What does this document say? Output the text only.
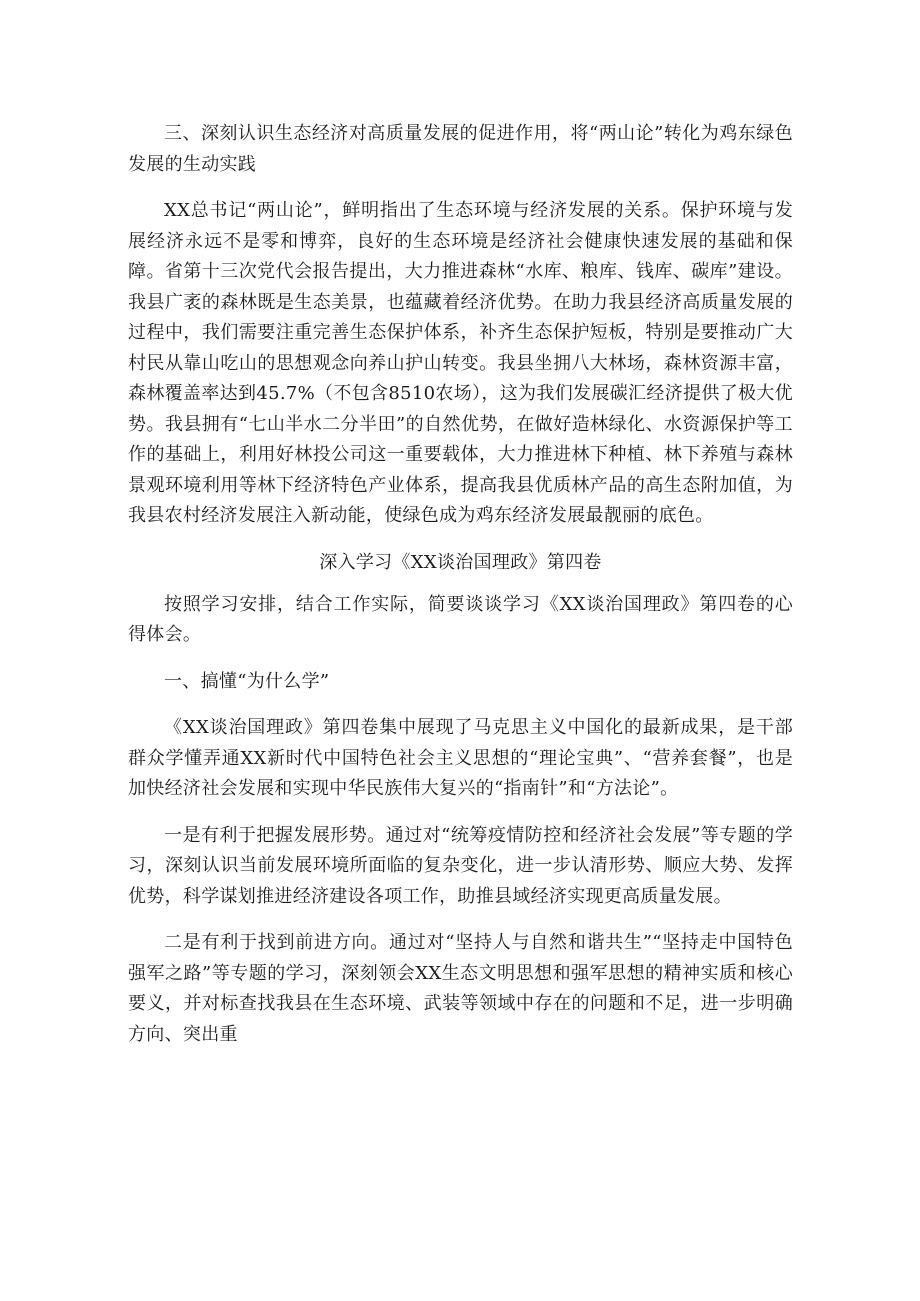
三、深刻认识生态经济对高质量发展的促进作用，将“两山论”转化为鸡东绿色发展的生动实践

XX总书记“两山论”，鲜明指出了生态环境与经济发展的关系。保护环境与发展经济永远不是零和博弈，良好的生态环境是经济社会健康快速发展的基础和保障。省第十三次党代会报告提出，大力推进森林“水库、粮库、钱库、碳库”建设。我县广袤的森林既是生态美景，也蕴藏着经济优势。在助力我县经济高质量发展的过程中，我们需要注重完善生态保护体系，补齐生态保护短板，特别是要推动广大村民从靠山吃山的思想观念向养山护山转变。我县坐拥八大林场，森林资源丰富，森林覆盖率达到45.7%（不包含8510农场），这为我们发展碳汇经济提供了极大优势。我县拥有“七山半水二分半田”的自然优势，在做好造林绿化、水资源保护等工作的基础上，利用好林投公司这一重要载体，大力推进林下种植、林下养殖与森林景观环境利用等林下经济特色产业体系，提高我县优质林产品的高生态附加值，为我县农村经济发展注入新动能，使绿色成为鸡东经济发展最靓丽的底色。

深入学习《XX谈治国理政》第四卷

按照学习安排，结合工作实际，简要谈谈学习《XX谈治国理政》第四卷的心得体会。

一、搞懂“为什么学”

《XX谈治国理政》第四卷集中展现了马克思主义中国化的最新成果，是干部群众学懂弄通XX新时代中国特色社会主义思想的“理论宝典”、“营养套餐”，也是加快经济社会发展和实现中华民族伟大复兴的“指南针”和“方法论”。

一是有利于把握发展形势。通过对“统筹疫情防控和经济社会发展”等专题的学习，深刻认识当前发展环境所面临的复杂变化，进一步认清形势、顺应大势、发挥优势，科学谋划推进经济建设各项工作，助推县域经济实现更高质量发展。

二是有利于找到前进方向。通过对“坚持人与自然和谐共生”“坚持走中国特色强军之路”等专题的学习，深刻领会XX生态文明思想和强军思想的精神实质和核心要义，并对标查找我县在生态环境、武装等领域中存在的问题和不足，进一步明确方向、突出重
